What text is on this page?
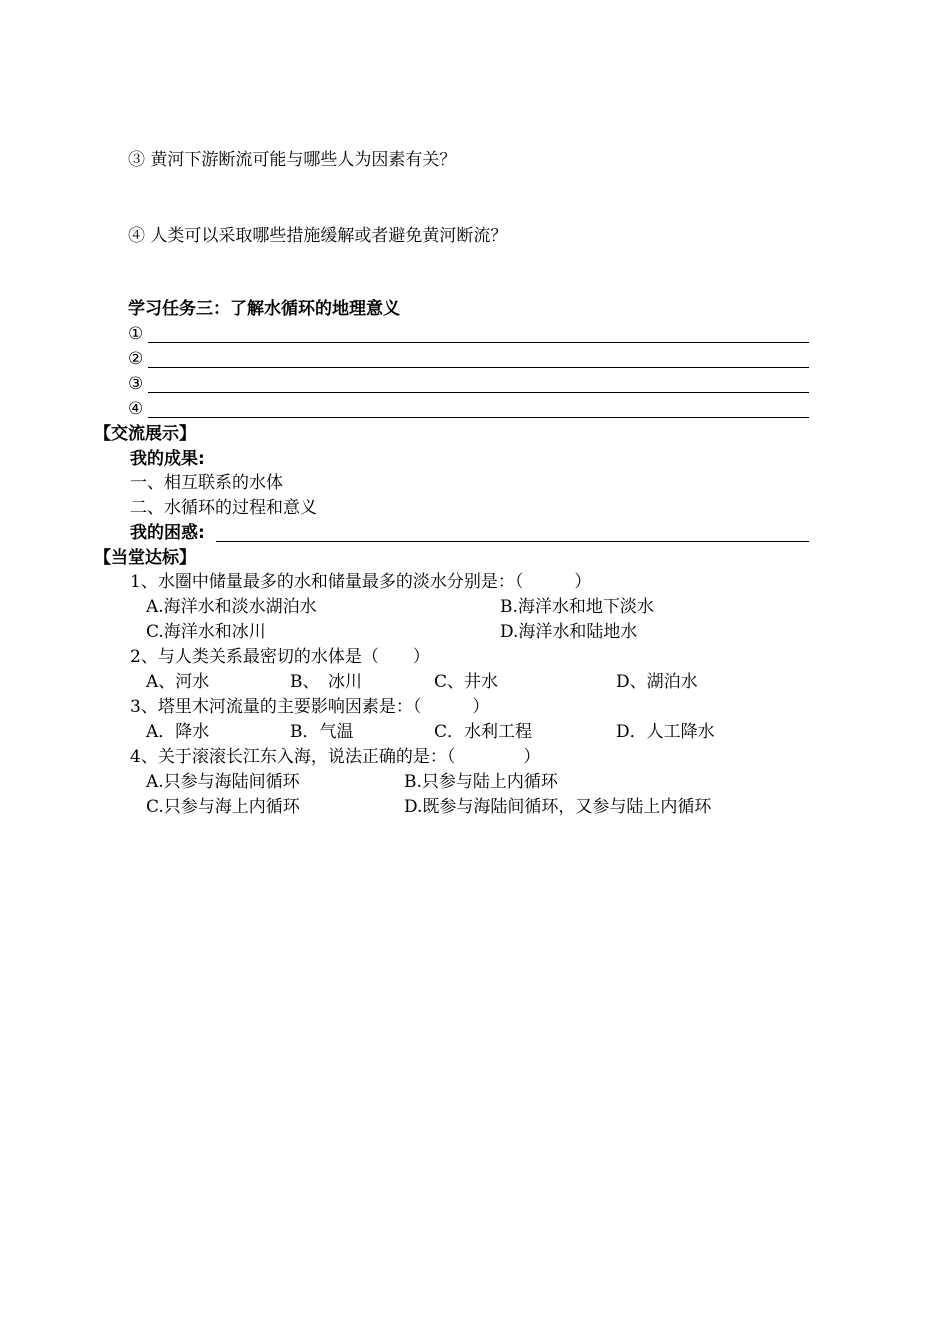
③ 黄河下游断流可能与哪些人为因素有关？
④ 人类可以采取哪些措施缓解或者避免黄河断流？
学习任务三：了解水循环的地理意义
①
②
③
④
【交流展示】
我的成果:
一、相互联系的水体
二、水循环的过程和意义
我的困惑:
【当堂达标】
1、水圈中储量最多的水和储量最多的淡水分别是：（　　　）
A.海洋水和淡水湖泊水	B.海洋水和地下淡水
C.海洋水和冰川	D.海洋水和陆地水
2、与人类关系最密切的水体是（　　）
A、河水	B、　冰川	C、井水	D、湖泊水
3、塔里木河流量的主要影响因素是：（　　　）
A．降水	B．气温	C．水利工程	D．人工降水
4、关于滚滚长江东入海，说法正确的是：（　　　　）
A.只参与海陆间循环	B.只参与陆上内循环
C.只参与海上内循环	D.既参与海陆间循环，又参与陆上内循环
